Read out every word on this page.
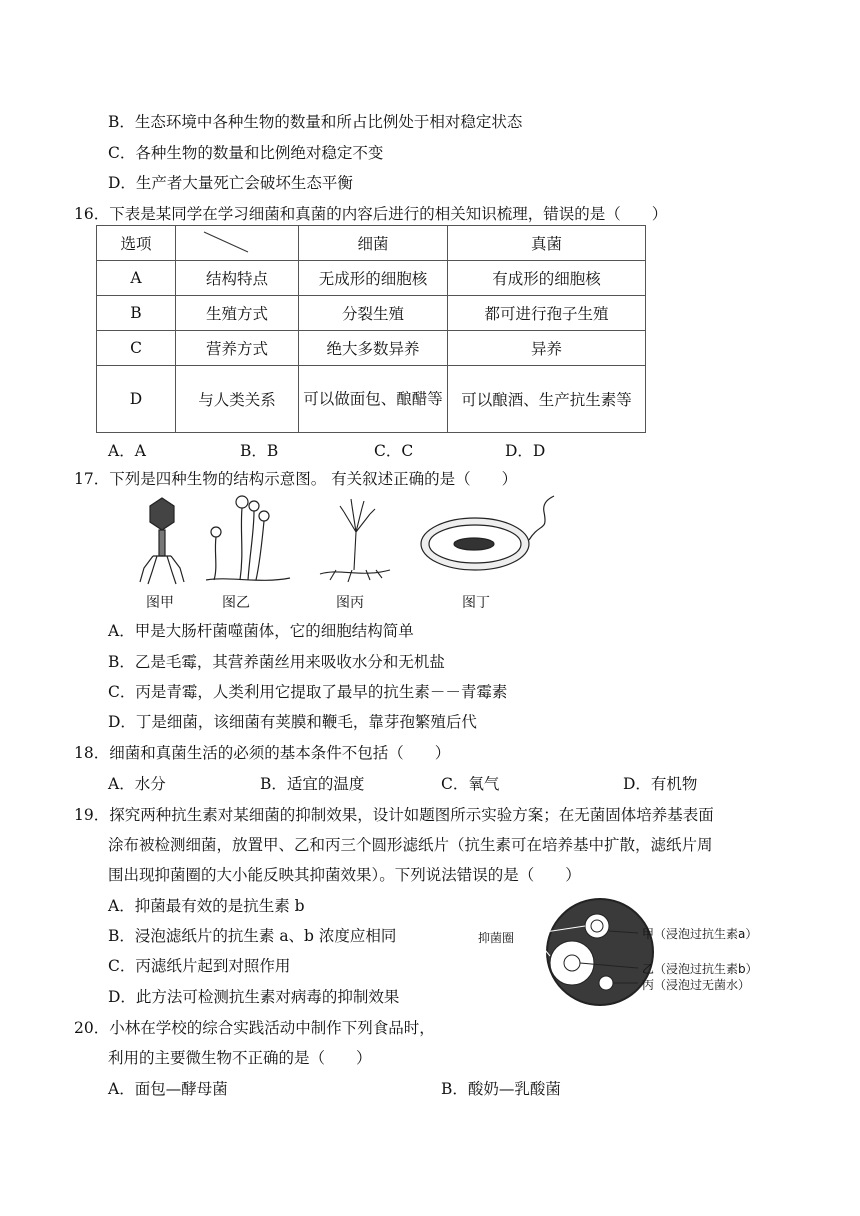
B．生态环境中各种生物的数量和所占比例处于相对稳定状态
C．各种生物的数量和比例绝对稳定不变
D．生产者大量死亡会破坏生态平衡
16．下表是某同学在学习细菌和真菌的内容后进行的相关知识梳理，错误的是（　　）
选项		细菌	真菌
A	结构特点	无成形的细胞核	有成形的细胞核
B	生殖方式	分裂生殖	都可进行孢子生殖
C	营养方式	绝大多数异养	异养
D	与人类关系	可以做面包、酿醋等	可以酿酒、生产抗生素等
A．A	B．B	C．C	D．D
17．下列是四种生物的结构示意图。 有关叙述正确的是（　　）
图甲	图乙	图丙	图丁
A．甲是大肠杆菌噬菌体，它的细胞结构简单
B．乙是毛霉，其营养菌丝用来吸收水分和无机盐
C．丙是青霉，人类利用它提取了最早的抗生素－－青霉素
D．丁是细菌，该细菌有荚膜和鞭毛，靠芽孢繁殖后代
18．细菌和真菌生活的必须的基本条件不包括（　　）
A．水分	B．适宜的温度	C．氧气	D．有机物
19．探究两种抗生素对某细菌的抑制效果，设计如题图所示实验方案；在无菌固体培养基表面
涂布被检测细菌，放置甲、乙和丙三个圆形滤纸片（抗生素可在培养基中扩散，滤纸片周
围出现抑菌圈的大小能反映其抑菌效果）。下列说法错误的是（　　）
A．抑菌最有效的是抗生素 b
B．浸泡滤纸片的抗生素 a、b 浓度应相同
C．丙滤纸片起到对照作用
D．此方法可检测抗生素对病毒的抑制效果
抑菌圈	甲（浸泡过抗生素a）
乙（浸泡过抗生素b）
丙（浸泡过无菌水）
20．小林在学校的综合实践活动中制作下列食品时，
利用的主要微生物不正确的是（　　）
A．面包—酵母菌	B．酸奶—乳酸菌
